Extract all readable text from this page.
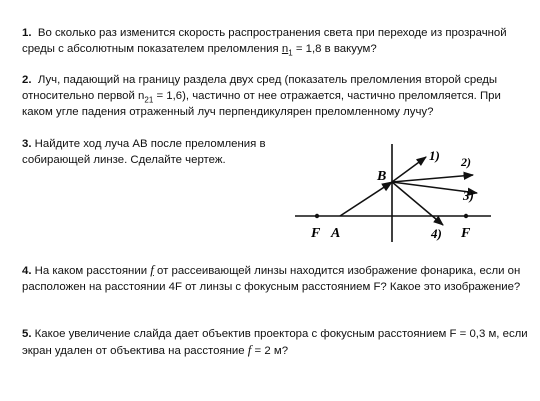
1. Во сколько раз изменится скорость распространения света при переходе из прозрачной среды с абсолютным показателем преломления $n_1 = 1,8$ в вакуум?

2. Луч, падающий на границу раздела двух сред (показатель преломления второй среды относительно первой $n_{21} = 1,6$), частично от нее отражается, частично преломляется. При каком угле падения отраженный луч перпендикулярен преломленному лучу?

3. Найдите ход луча АВ после преломления в собирающей линзе. Сделайте чертеж.

B
F A	F
1) 2)
3)
4)

4. На каком расстоянии f от рассеивающей линзы находится изображение фонарика, если он расположен на расстоянии 4F от линзы с фокусным расстоянием F? Какое это изображение?

5. Какое увеличение слайда дает объектив проектора с фокусным расстоянием F = 0,3 м, если экран удален от объектива на расстояние f = 2 м?
